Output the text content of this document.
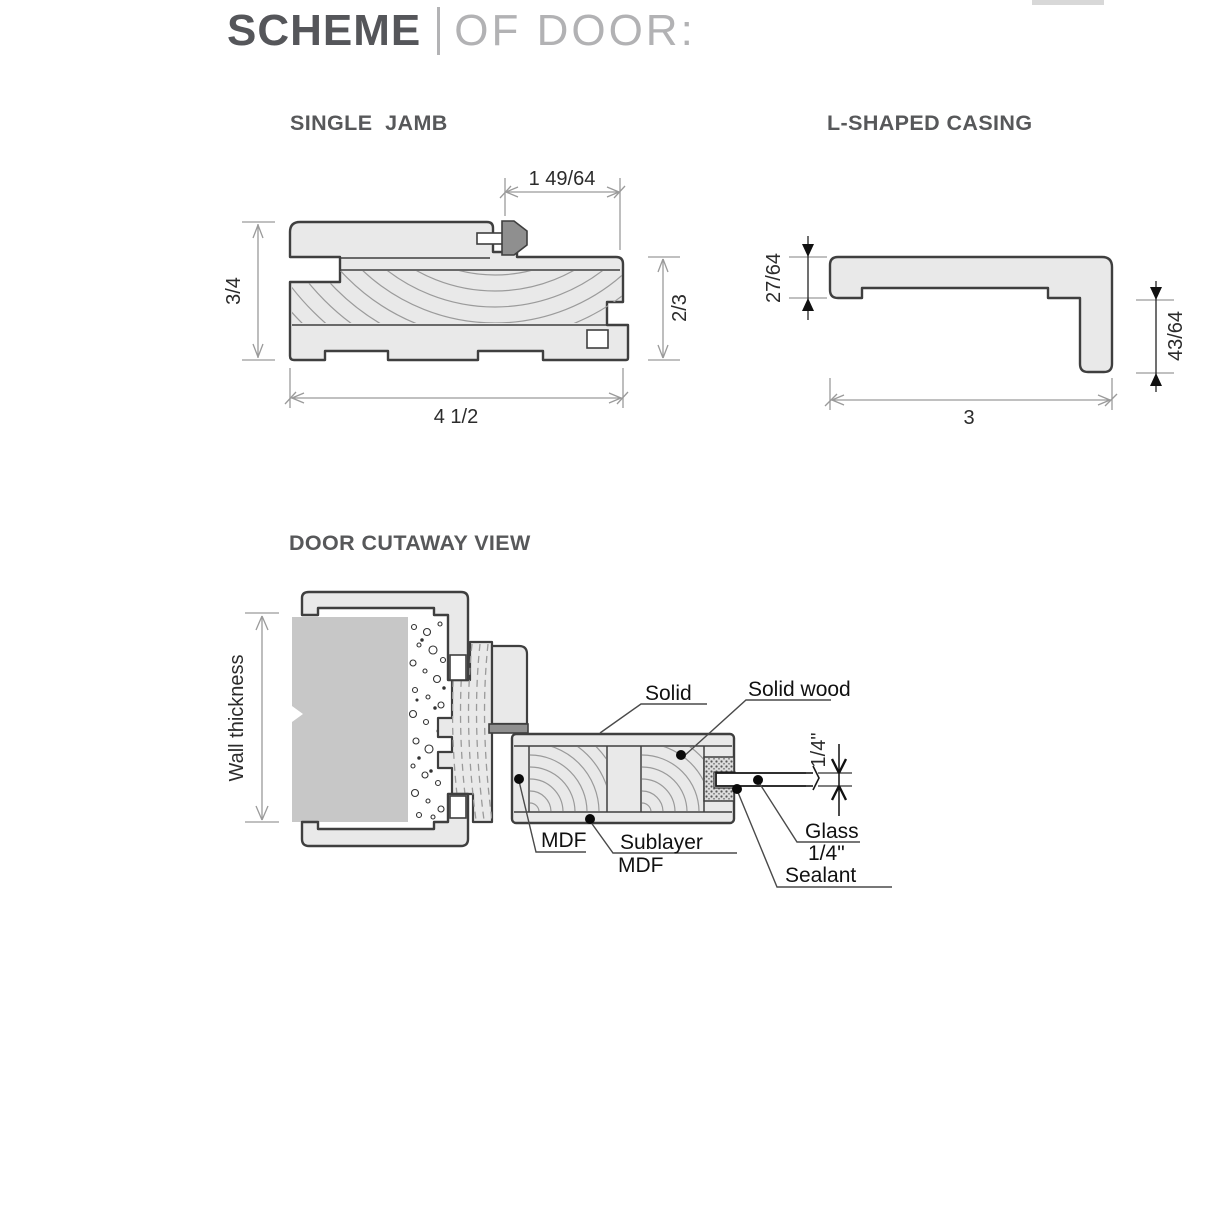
SCHEME OF DOOR:
SINGLE  JAMB	L-SHAPED CASING
DOOR CUTAWAY VIEW
1 49/64
3/4
2/3
4 1/2
27/64
43/64
3
1/4"
Wall thickness	Solid	Solid wood
MDF Sublayer
MDF
Glass
1/4"
Sealant
